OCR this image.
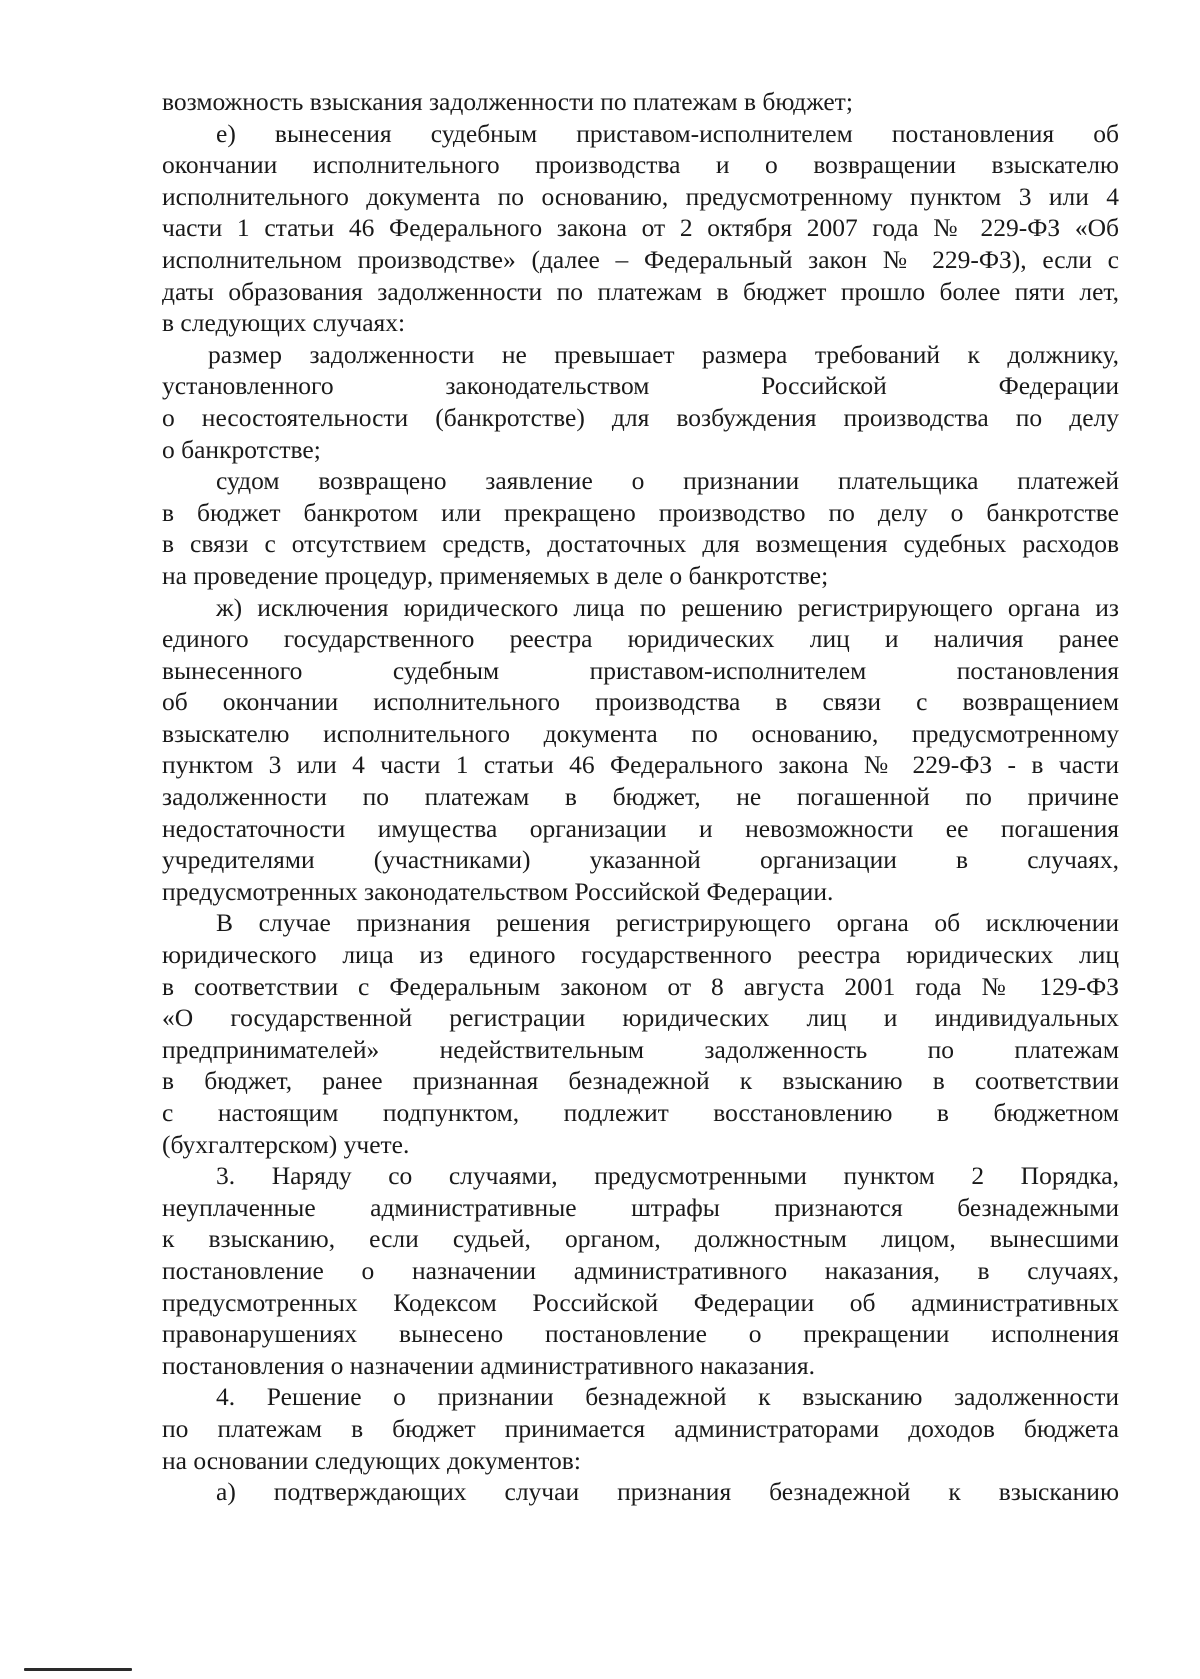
возможность взыскания задолженности по платежам в бюджет;
е) вынесения судебным приставом-исполнителем постановления об
окончании исполнительного производства и о возвращении взыскателю
исполнительного документа по основанию, предусмотренному пунктом 3 или 4
части 1 статьи 46 Федерального закона от 2 октября 2007 года № 229-ФЗ «Об
исполнительном производстве» (далее – Федеральный закон № 229-ФЗ), если с
даты образования задолженности по платежам в бюджет прошло более пяти лет,
в следующих случаях:
размер задолженности не превышает размера требований к должнику,
установленного законодательством Российской Федерации
о несостоятельности (банкротстве) для возбуждения производства по делу
о банкротстве;
судом возвращено заявление о признании плательщика платежей
в бюджет банкротом или прекращено производство по делу о банкротстве
в связи с отсутствием средств, достаточных для возмещения судебных расходов
на проведение процедур, применяемых в деле о банкротстве;
ж) исключения юридического лица по решению регистрирующего органа из
единого государственного реестра юридических лиц и наличия ранее
вынесенного судебным приставом-исполнителем постановления
об окончании исполнительного производства в связи с возвращением
взыскателю исполнительного документа по основанию, предусмотренному
пунктом 3 или 4 части 1 статьи 46 Федерального закона № 229-ФЗ - в части
задолженности по платежам в бюджет, не погашенной по причине
недостаточности имущества организации и невозможности ее погашения
учредителями (участниками) указанной организации в случаях,
предусмотренных законодательством Российской Федерации.
В случае признания решения регистрирующего органа об исключении
юридического лица из единого государственного реестра юридических лиц
в соответствии с Федеральным законом от 8 августа 2001 года № 129-ФЗ
«О государственной регистрации юридических лиц и индивидуальных
предпринимателей» недействительным задолженность по платежам
в бюджет, ранее признанная безнадежной к взысканию в соответствии
с настоящим подпунктом, подлежит восстановлению в бюджетном
(бухгалтерском) учете.
3. Наряду со случаями, предусмотренными пунктом 2 Порядка,
неуплаченные административные штрафы признаются безнадежными
к взысканию, если судьей, органом, должностным лицом, вынесшими
постановление о назначении административного наказания, в случаях,
предусмотренных Кодексом Российской Федерации об административных
правонарушениях вынесено постановление о прекращении исполнения
постановления о назначении административного наказания.
4. Решение о признании безнадежной к взысканию задолженности
по платежам в бюджет принимается администраторами доходов бюджета
на основании следующих документов:
а) подтверждающих случаи признания безнадежной к взысканию
